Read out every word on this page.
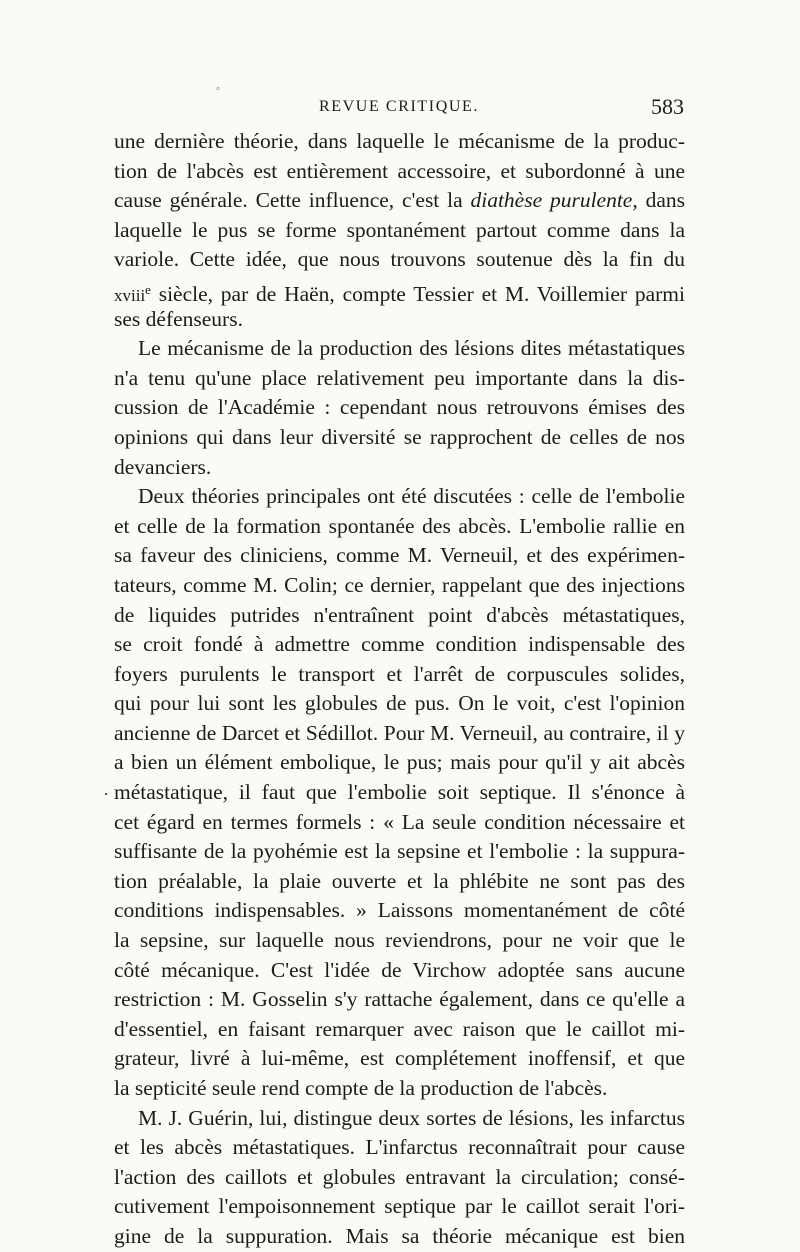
°
REVUE CRITIQUE.	583
·
une dernière théorie, dans laquelle le mécanisme de la produc-
tion de l'abcès est entièrement accessoire, et subordonné à une
cause générale. Cette influence, c'est la diathèse purulente, dans
laquelle le pus se forme spontanément partout comme dans la
variole. Cette idée, que nous trouvons soutenue dès la fin du
xviii$^e$ siècle, par de Haën, compte Tessier et M. Voillemier parmi
ses défenseurs.
Le mécanisme de la production des lésions dites métastatiques
n'a tenu qu'une place relativement peu importante dans la dis-
cussion de l'Académie : cependant nous retrouvons émises des
opinions qui dans leur diversité se rapprochent de celles de nos
devanciers.
Deux théories principales ont été discutées : celle de l'embolie
et celle de la formation spontanée des abcès. L'embolie rallie en
sa faveur des cliniciens, comme M. Verneuil, et des expérimen-
tateurs, comme M. Colin; ce dernier, rappelant que des injections
de liquides putrides n'entraînent point d'abcès métastatiques,
se croit fondé à admettre comme condition indispensable des
foyers purulents le transport et l'arrêt de corpuscules solides,
qui pour lui sont les globules de pus. On le voit, c'est l'opinion
ancienne de Darcet et Sédillot. Pour M. Verneuil, au contraire, il y
a bien un élément embolique, le pus; mais pour qu'il y ait abcès
métastatique, il faut que l'embolie soit septique. Il s'énonce à
cet égard en termes formels : « La seule condition nécessaire et
suffisante de la pyohémie est la sepsine et l'embolie : la suppura-
tion préalable, la plaie ouverte et la phlébite ne sont pas des
conditions indispensables. » Laissons momentanément de côté
la sepsine, sur laquelle nous reviendrons, pour ne voir que le
côté mécanique. C'est l'idée de Virchow adoptée sans aucune
restriction : M. Gosselin s'y rattache également, dans ce qu'elle a
d'essentiel, en faisant remarquer avec raison que le caillot mi-
grateur, livré à lui-même, est complétement inoffensif, et que
la septicité seule rend compte de la production de l'abcès.
M. J. Guérin, lui, distingue deux sortes de lésions, les infarctus
et les abcès métastatiques. L'infarctus reconnaîtrait pour cause
l'action des caillots et globules entravant la circulation; consé-
cutivement l'empoisonnement septique par le caillot serait l'ori-
gine de la suppuration. Mais sa théorie mécanique est bien
